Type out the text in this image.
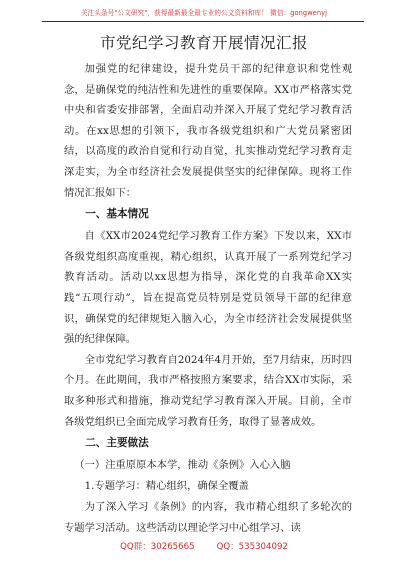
关注头条号"公文研究"，获得最新最全最专业的公文资料和库！ 微信：gongwenyj
市党纪学习教育开展情况汇报

加强党的纪律建设，提升党员干部的纪律意识和党性观念，是确保党的纯洁性和先进性的重要保障。XX市严格落实党中央和省委安排部署，全面启动并深入开展了党纪学习教育活动。在xx思想的引领下，我市各级党组织和广大党员紧密团结，以高度的政治自觉和行动自觉，扎实推动党纪学习教育走深走实，为全市经济社会发展提供坚实的纪律保障。现将工作情况汇报如下：

一、基本情况

自《XX市2024党纪学习教育工作方案》下发以来，XX市各级党组织高度重视，精心组织，认真开展了一系列党纪学习教育活动。活动以xx思想为指导，深化党的自我革命XX实践“五项行动”，旨在提高党员特别是党员领导干部的纪律意识，确保党的纪律规矩入脑入心，为全市经济社会发展提供坚强的纪律保障。

全市党纪学习教育自2024年4月开始，至7月结束，历时四个月。在此期间，我市严格按照方案要求，结合XX市实际，采取多种形式和措施，推动党纪学习教育深入开展。目前，全市各级党组织已全面完成学习教育任务，取得了显著成效。

二、主要做法
（一）注重原原本本学，推动《条例》入心入脑
1.专题学习：精心组织，确保全覆盖

为了深入学习《条例》的内容，我市精心组织了多轮次的专题学习活动。这些活动以理论学习中心组学习、读

QQ群：30265665	QQ：535304092
